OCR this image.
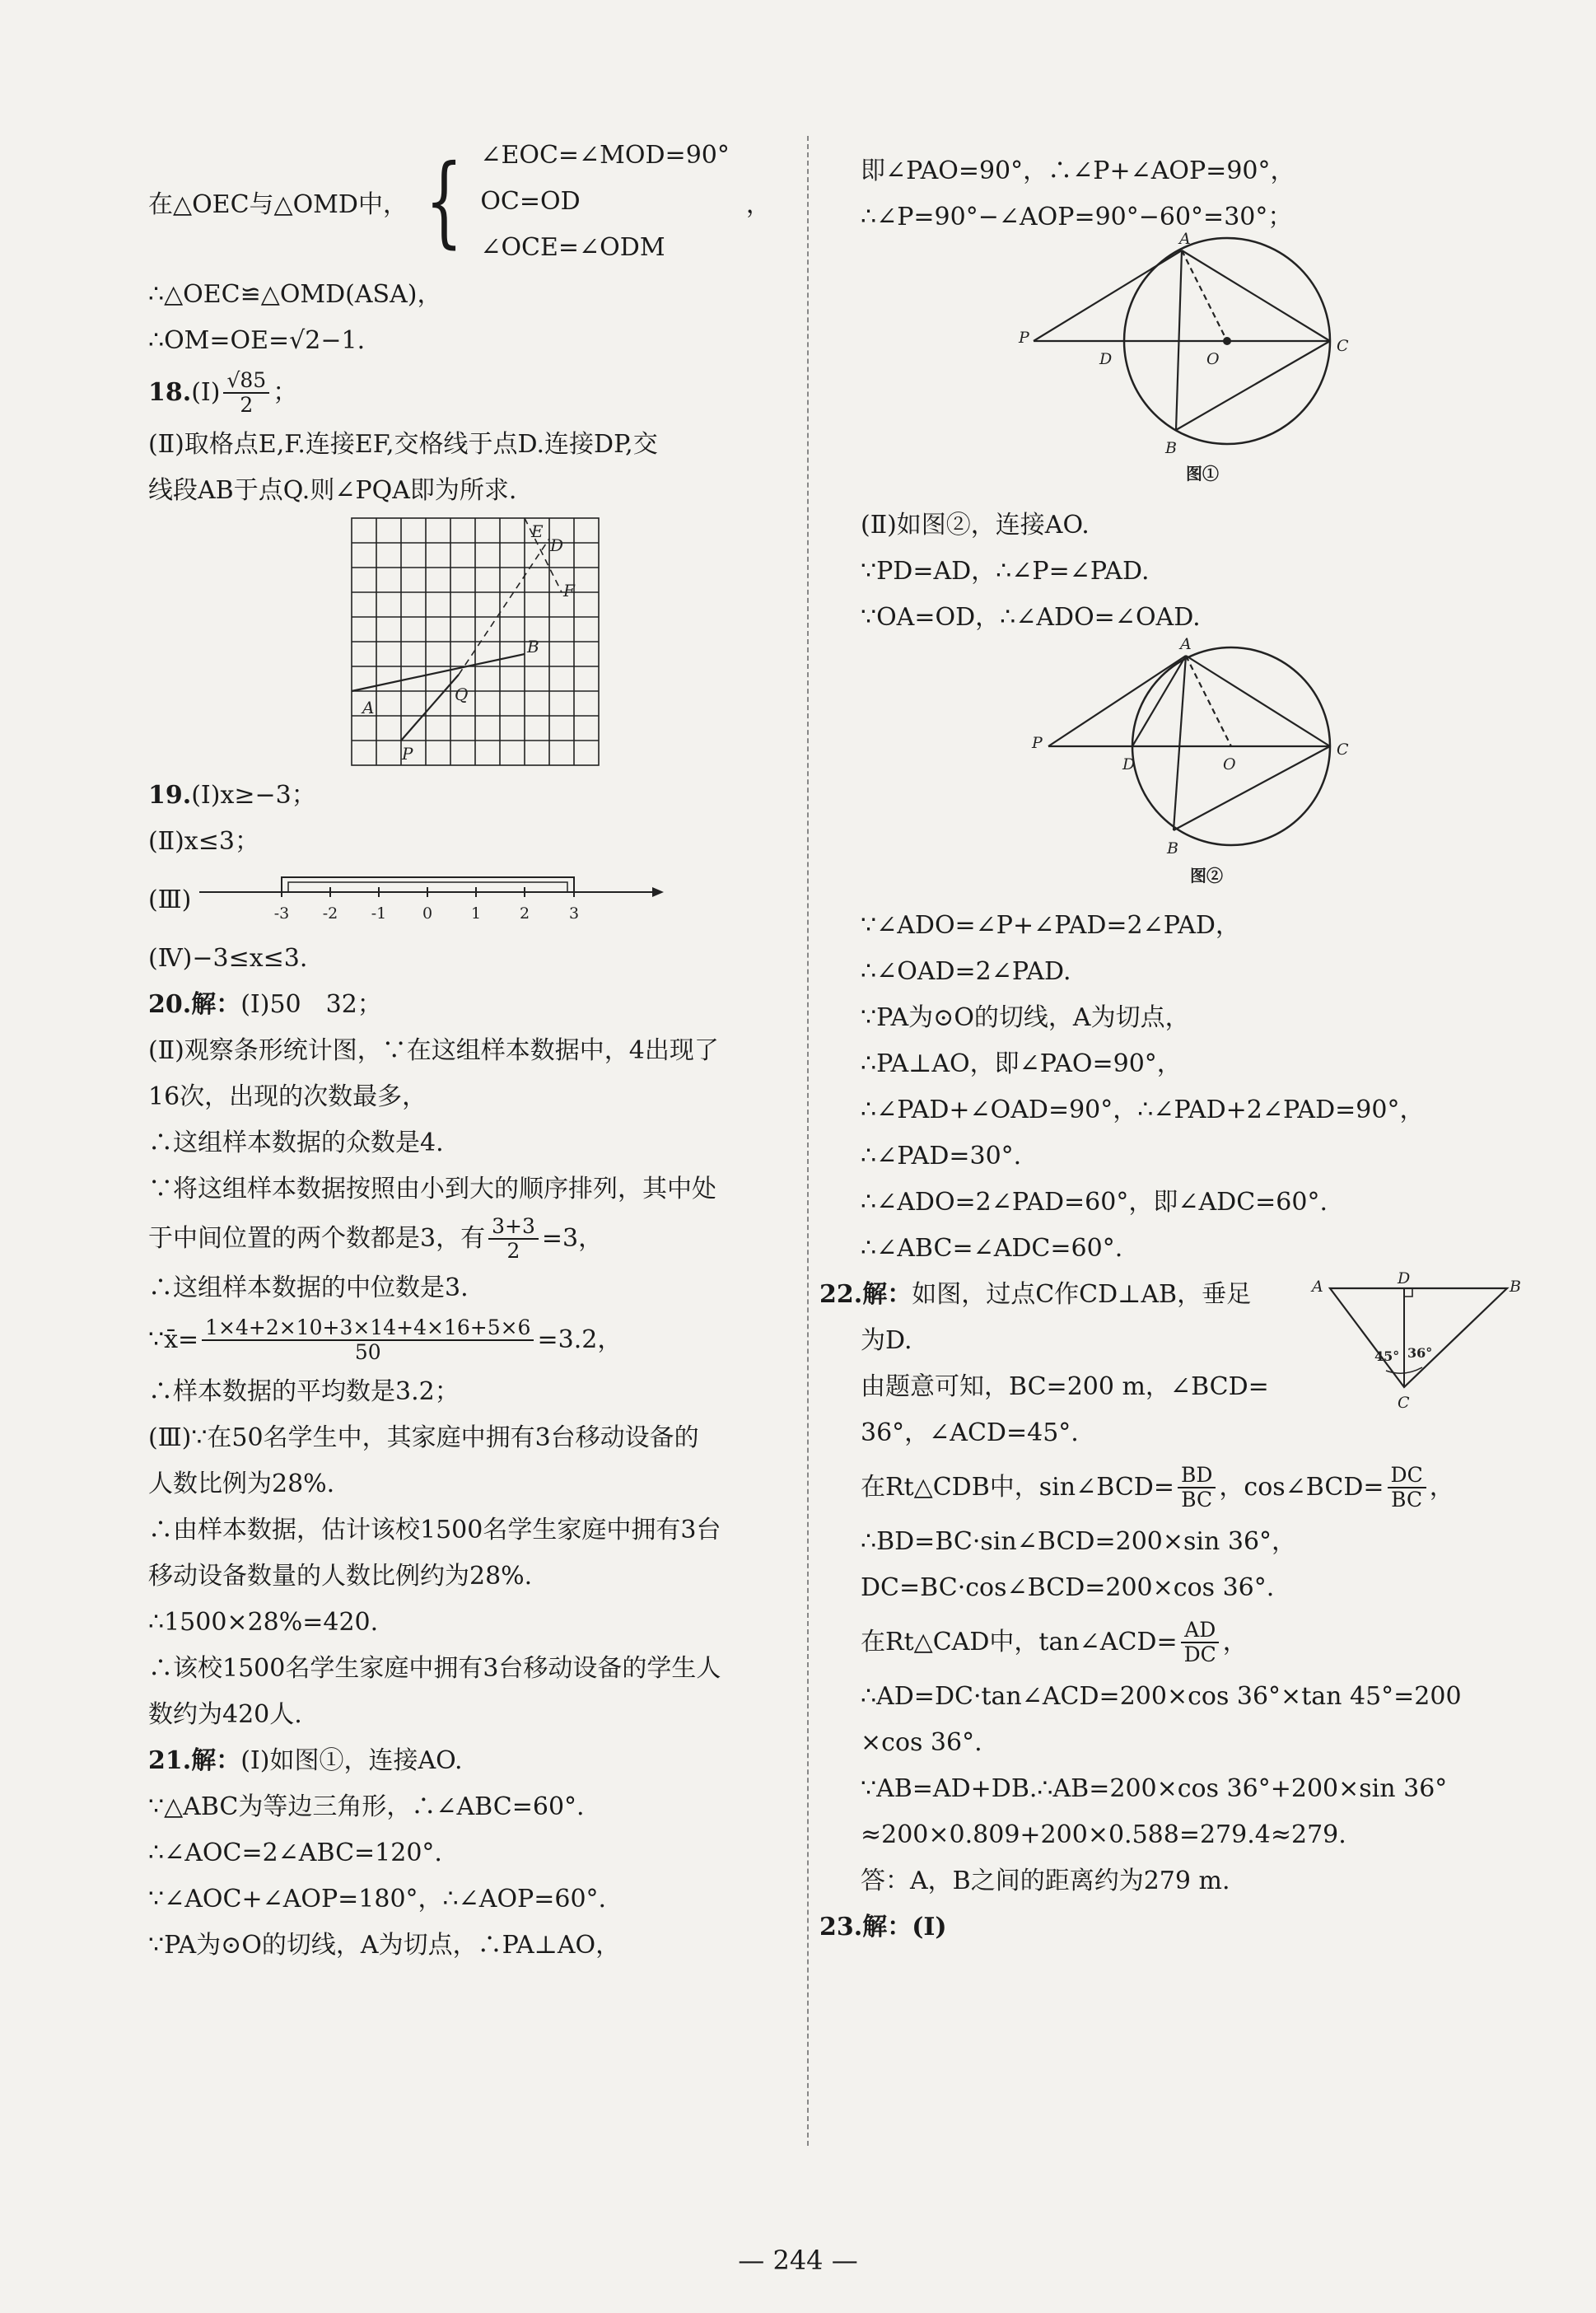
在△OEC与△OMD中， { ∠EOC=∠MOD=90°
OC=OD
∠OCE=∠ODM
，
∴△OEC≌△OMD(ASA)，
∴OM=OE=√2−1.
18. (Ⅰ) $\frac{√85}{2}$ ；
(Ⅱ)取格点E,F.连接EF,交格线于点D.连接DP,交
线段AB于点Q.则∠PQA即为所求.
E
D
F
B
Q
A
P
19. (Ⅰ)x≥−3；
(Ⅱ)x≤3；
(Ⅲ)	-3 -2 -1 0 1 2	3
(Ⅳ)−3≤x≤3.
20. 解： (Ⅰ)50　32；
(Ⅱ)观察条形统计图，∵在这组样本数据中，4出现了
16次，出现的次数最多，
∴这组样本数据的众数是4.
∵将这组样本数据按照由小到大的顺序排列，其中处
于中间位置的两个数都是3，有 $\frac{3+3}{2} =3$，
∴这组样本数据的中位数是3.
∵x̄= $\frac{1\times 4+2\times 10+3\times 14+4\times 16+5\times 6}{50} =3.2$，
∴样本数据的平均数是3.2；
(Ⅲ)∵在50名学生中，其家庭中拥有3台移动设备的
人数比例为28%.
∴由样本数据，估计该校1500名学生家庭中拥有3台
移动设备数量的人数比例约为28%.
∴1500×28%=420.
∴该校1500名学生家庭中拥有3台移动设备的学生人
数约为420人.
21. 解： (Ⅰ)如图①，连接AO.
∵△ABC为等边三角形，∴∠ABC=60°.
∴∠AOC=2∠ABC=120°.
∵∠AOC+∠AOP=180°，∴∠AOP=60°.
∵PA为⊙O的切线，A为切点，∴PA⊥AO，
即∠PAO=90°，∴∠P+∠AOP=90°，
∴∠P=90°−∠AOP=90°−60°=30°；
A
P
D	O
C
B
图①
(Ⅱ)如图②，连接AO.
∵PD=AD，∴∠P=∠PAD.
∵OA=OD，∴∠ADO=∠OAD.
A
P
D	O
C
B
图②
∵∠ADO=∠P+∠PAD=2∠PAD，
∴∠OAD=2∠PAD.
∵PA为⊙O的切线，A为切点，
∴PA⊥AO，即∠PAO=90°，
∴∠PAD+∠OAD=90°，∴∠PAD+2∠PAD=90°，
∴∠PAD=30°.
∴∠ADO=2∠PAD=60°，即∠ADC=60°.
∴∠ABC=∠ADC=60°.
22. 解： 如图，过点C作CD⊥AB，垂足
为D.
由题意可知，BC=200 m，∠BCD=
36°，∠ACD=45°.
A	D	B
C
45° 36°
在Rt△CDB中，sin∠BCD= $\frac{BD}{BC}$ ，cos∠BCD= $\frac{DC}{BC}$ ，
∴BD=BC·sin∠BCD=200×sin 36°，
DC=BC·cos∠BCD=200×cos 36°.
在Rt△CAD中，tan∠ACD= $\frac{AD}{DC}$ ，
∴AD=DC·tan∠ACD=200×cos 36°×tan 45°=200
×cos 36°.
∵AB=AD+DB.∴AB=200×cos 36°+200×sin 36°
≈200×0.809+200×0.588=279.4≈279.
答：A，B之间的距离约为279 m.
23. 解：(Ⅰ)
— 244 —
